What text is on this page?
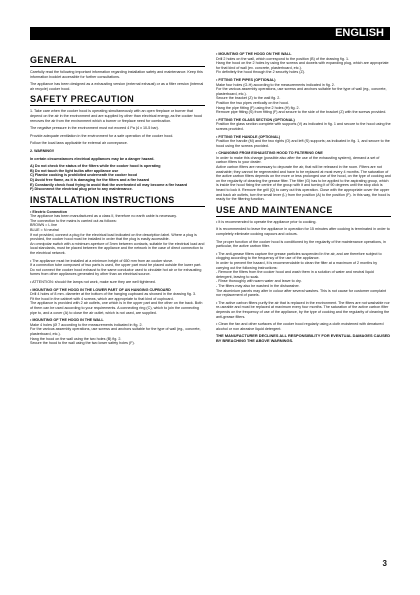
ENGLISH
GENERAL

Carefully read the following important information regarding installation safety and maintenance. Keep this information booklet accessible for further consultations.

The appliance has been designed as a exhausting version (external exhaust) or as a filter version (internal air recycle) cooker hood.

SAFETY PRECAUTION

1. Take care when the cooker hood is operating simultaneously with an open fireplace or burner that depend on the air in the environment and are supplied by other than electrical energy, as the cooker hood removes the air from the environment which a burner or fireplace need for combustion.

The negative pressure in the environment must not exceed 4 Pa (4 x 10-5 bar).

Provide adequate ventilation in the environment for a safe operation of the cooker hood.

Follow the local laws applicable for external air conveyance.

2. WARNING!!

In certain circumstances electrical appliances may be a danger hazard.

A) Do not check the status of the filters while the cooker hood is operating
B) Do not touch the light bulbs after appliance use
C) Flambe cooking is prohibited underneath the cooker hood
D) Avoid free flame, as it is damaging for the filters and a fire hazard
E) Constantly check food frying to avoid that the overheated oil may become a fire hazard
F) Disconnect the electrical plug prior to any maintenance.
INSTALLATION INSTRUCTIONS
• Electric Connection
The appliance has been manufactured as a class II, therefore no earth cable is necessary.
The connection to the mains is carried out as follows:
BROWN = L line
BLUE = N neutral
If not provided, connect a plug for the electrical load indicated on the description label. Where a plug is provided, the cooker hood must be installed in order that the plug is easily accessible.
An omnipolar switch with a minimum aperture of 3mm between contacts, suitable for the electrical load and local standards, must be placed between the appliance and the network in the case of direct connection to the electrical network.
• The appliance must be installed at a minimum height of 650 mm from an cooker stove.
If a connection tube composed of two parts is used, the upper part must be placed outside the lower part.
Do not connect the cooker hood exhaust to the same conductor used to circulate hot air or for exhausting fumes from other appliances generated by other than an electrical source.

• ATTENTION: should the lamps not work, make sure they are well tightened.

• MOUNTING OF THE HOOD IN THE LOWER PART OF AN HANGING CUPBOARD
Drill 4 holes of 8 mm. diameter at the bottom of the hanging cupboard as showed in the drawing fig. 3.
Fit the hood in the cabinet with 4 screws, which are appropriate to that kind of cupboard.
The appliance is provided with 2 air outlets, one which is in the upper part and the other on the back. Both of them can be used according to your requirements. A connecting ring (C), which to join the connecting pipe to, and a cover (A) to close the air outlet, which is not used, are supplied.
• MOUNTING OF THE HOOD IN THE WALL
Make 4 holes (Ø 7 according to the measurements indicated in fig. 2.
For the various assembly operations, use screws and anchors suitable for the type of wall (eg., concrete, plasterboard, etc.).
Hang the hood on the wall using the two holes (B) fig. 2.
Secure the hood to the wall using the two lower safety holes (F).
• MOUNTING OF THE HOOD ON THE WALL
Drill 2 holes on the wall, which correspond to the position (B) of the drawing fig. 1.
Hang the hood on the 2 holes by using the screws and dowels with expanding plug, which are appropriate for that kind of wall (ex. concrete, plasterboard, etc.).
Fix definitely the hood through the 2 security holes (Z).
• FITTING THE PIPES (OPTIONAL)
Make four holes (G-H) according to the measurements indicated in fig. 2.
For the various assembly operations, use screws and anchors suitable for the type of wall (eg., concrete, plasterboard, etc.).
Secure the bracket (Z) to the wall fig. 2.
Position the two pipes vertically on the hood.
Hang the pipe fitting (F) using the 2 holes (H) fig. 2.
Remove pipe fitting (S) from fitting (F) and secure to the side of the bracket (Z) with the screws provided.
• FITTING THE GLASS SECTION (OPTIONAL)
Position the glass section complete with supports (V) as indicated in fig. 1 and secure to the hood using the screws provided.
• FITTING THE HANDLE (OPTIONAL)
Position the handle (M) and the two rights (O) and left (S) supports; as indicated in fig. 1, and secure to the hood using the screws provided.
• CHANGING FROM EXHAUSTING HOOD TO FILTERING ONE
In order to make this change (possible also after the use of the exhausting system), demand a set of carbon filters to your dealer.
Active carbon filters are necessary to depurate the air, that will be released in the room. Filters are not washable; they cannot be regenerated and have to be replaced at most every 4 months. The saturation of the active carbon filters depends on the more or less prolonged use of the hood, on the type of cooking and on the regularity of cleaning the grease filter. The filter (G) has to be applied to the aspirating group, which is inside the hood fixing the centre of the group with it and turning it of 90 degrees until the stop click is heard to lock it. Remove the grill (Q) to carry out this operation. Close with the appropriate cover the upper and back air outlets, turn the small lever (L) from the position (A) to the position (F). In this way, the hood is ready for the filtering function.
USE AND MAINTENANCE

• It is recommended to operate the appliance prior to cooking.

It is recommended to leave the appliance in operation for 15 minutes after cooking is terminated in order to completely eliminate cooking vapours and odours.

The proper function of the cooker hood is conditioned by the regularity of the maintenance operations, in particular, the active carbon filter.

• The anti-grease filters capture the grease particles suspended in the air, and are therefore subject to clogging according to the frequency of the use of the appliance.
In order to prevent fire hazard, it is recommendable to clean the filter at a maximum of 2 months by carrying out the following instructions:
- Remove the filters from the cooker hood and wash them in a solution of water and neutral liquid detergent, leaving to soak.
- Rinse thoroughly with warm water and leave to dry.
- The filters may also be washed in the dishwasher.
The aluminium panels may alter in colour after several washes. This is not cause for customer complaint nor replacement of panels.

• The active carbon filters purify the air that is replaced in the environment. The filters are not washable nor re-useable and must be replaced at maximum every four months. The saturation of the active carbon filter depends on the frequency of use of the appliance, by the type of cooking and the regularity of cleaning the anti-grease filters.

• Clean the fan and other surfaces of the cooker hood regularly using a cloth moistened with denatured alcohol or non abrasive liquid detergent.

THE MANUFACTURER DECLINES ALL RESPONSIBILITY FOR EVENTUAL DAMAGES CAUSED BY BREACHING THE ABOVE WARNINGS.

3
